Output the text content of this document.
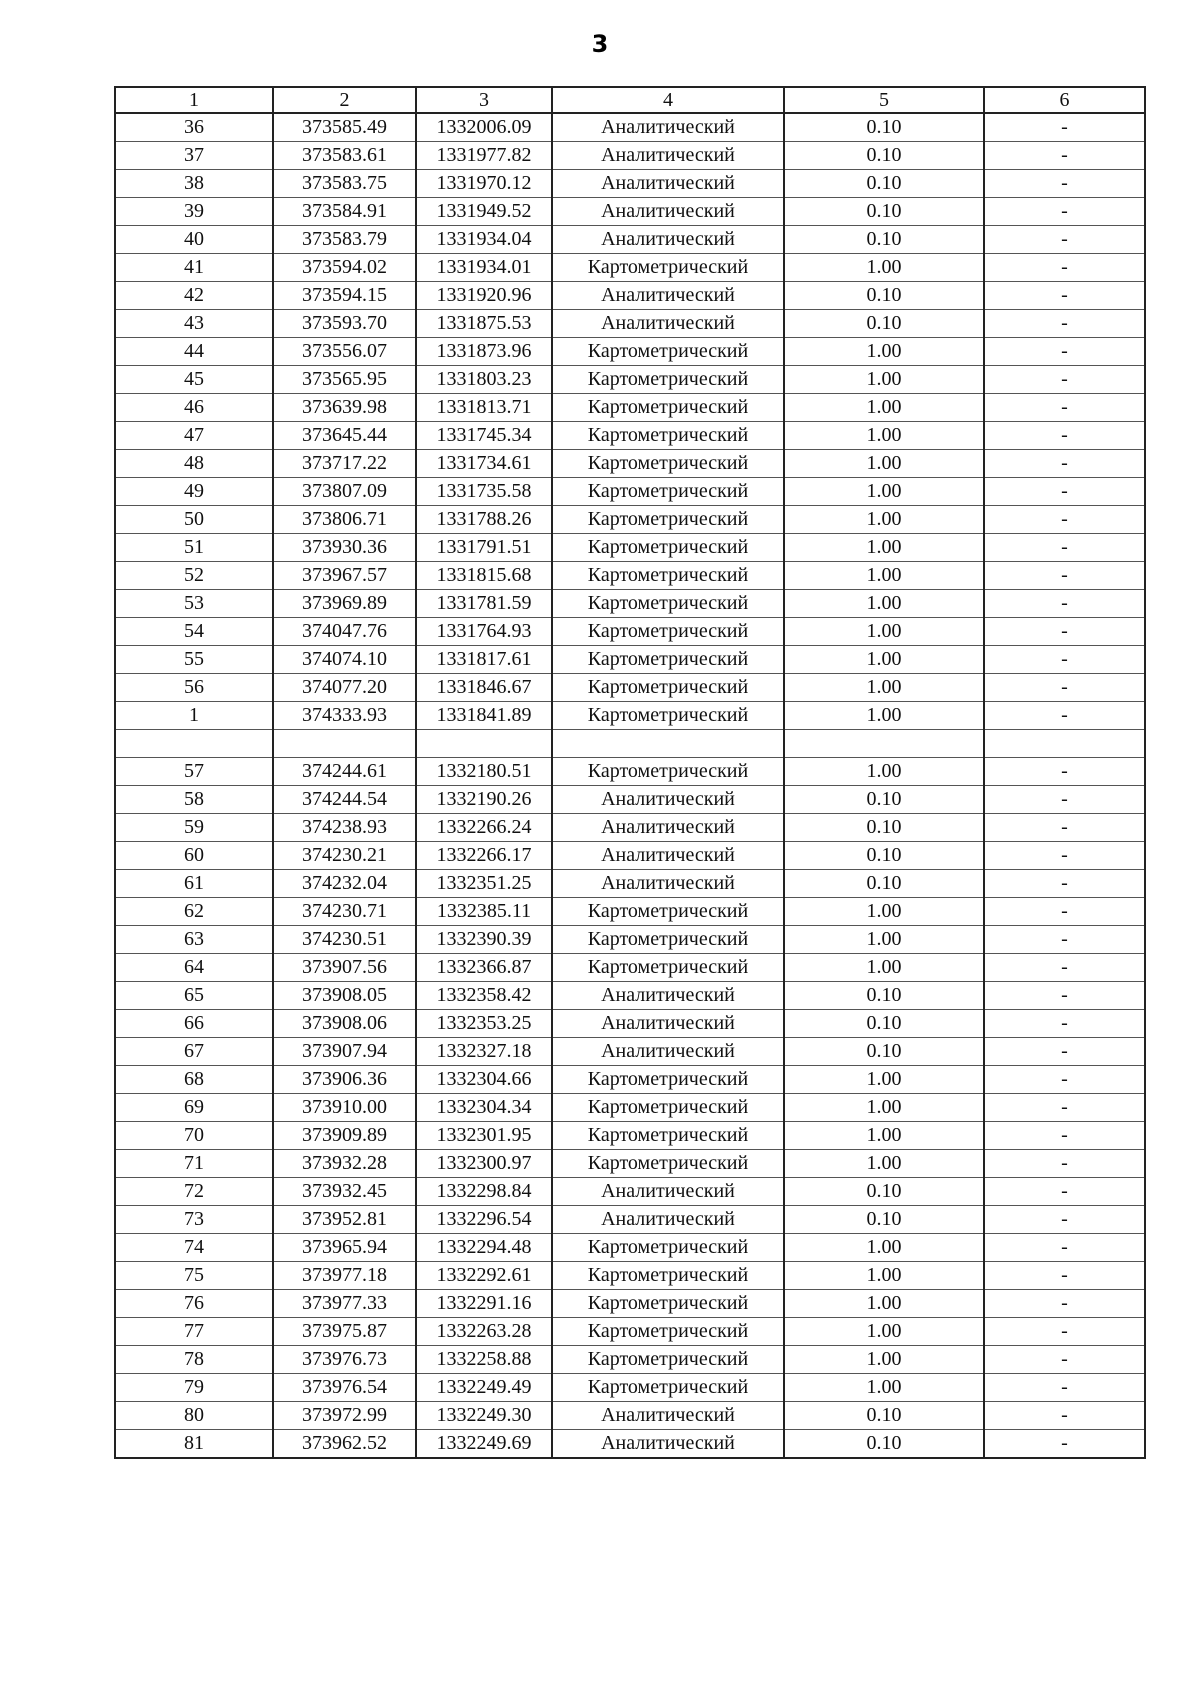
3
1	2	3	4	5	6
36	373585.49	1332006.09	Аналитический	0.10	-
37	373583.61	1331977.82	Аналитический	0.10	-
38	373583.75	1331970.12	Аналитический	0.10	-
39	373584.91	1331949.52	Аналитический	0.10	-
40	373583.79	1331934.04	Аналитический	0.10	-
41	373594.02	1331934.01	Картометрический	1.00	-
42	373594.15	1331920.96	Аналитический	0.10	-
43	373593.70	1331875.53	Аналитический	0.10	-
44	373556.07	1331873.96	Картометрический	1.00	-
45	373565.95	1331803.23	Картометрический	1.00	-
46	373639.98	1331813.71	Картометрический	1.00	-
47	373645.44	1331745.34	Картометрический	1.00	-
48	373717.22	1331734.61	Картометрический	1.00	-
49	373807.09	1331735.58	Картометрический	1.00	-
50	373806.71	1331788.26	Картометрический	1.00	-
51	373930.36	1331791.51	Картометрический	1.00	-
52	373967.57	1331815.68	Картометрический	1.00	-
53	373969.89	1331781.59	Картометрический	1.00	-
54	374047.76	1331764.93	Картометрический	1.00	-
55	374074.10	1331817.61	Картометрический	1.00	-
56	374077.20	1331846.67	Картометрический	1.00	-
1	374333.93	1331841.89	Картометрический	1.00	-

57	374244.61	1332180.51	Картометрический	1.00	-
58	374244.54	1332190.26	Аналитический	0.10	-
59	374238.93	1332266.24	Аналитический	0.10	-
60	374230.21	1332266.17	Аналитический	0.10	-
61	374232.04	1332351.25	Аналитический	0.10	-
62	374230.71	1332385.11	Картометрический	1.00	-
63	374230.51	1332390.39	Картометрический	1.00	-
64	373907.56	1332366.87	Картометрический	1.00	-
65	373908.05	1332358.42	Аналитический	0.10	-
66	373908.06	1332353.25	Аналитический	0.10	-
67	373907.94	1332327.18	Аналитический	0.10	-
68	373906.36	1332304.66	Картометрический	1.00	-
69	373910.00	1332304.34	Картометрический	1.00	-
70	373909.89	1332301.95	Картометрический	1.00	-
71	373932.28	1332300.97	Картометрический	1.00	-
72	373932.45	1332298.84	Аналитический	0.10	-
73	373952.81	1332296.54	Аналитический	0.10	-
74	373965.94	1332294.48	Картометрический	1.00	-
75	373977.18	1332292.61	Картометрический	1.00	-
76	373977.33	1332291.16	Картометрический	1.00	-
77	373975.87	1332263.28	Картометрический	1.00	-
78	373976.73	1332258.88	Картометрический	1.00	-
79	373976.54	1332249.49	Картометрический	1.00	-
80	373972.99	1332249.30	Аналитический	0.10	-
81	373962.52	1332249.69	Аналитический	0.10	-
